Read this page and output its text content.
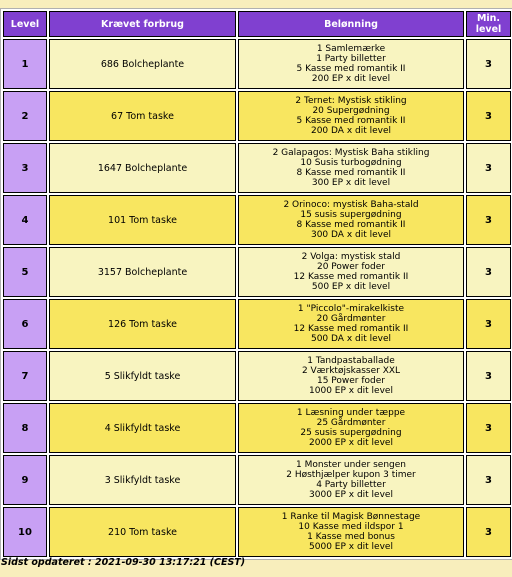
Level	Krævet forbrug	Belønning	Min.
level
1	686 Bolcheplante	1 Samlemærke
1 Party billetter
5 Kasse med romantik II
200 EP x dit level	3
2	67 Tom taske	2 Ternet: Mystisk stikling
20 Supergødning
5 Kasse med romantik II
200 DA x dit level	3
3	1647 Bolcheplante	2 Galapagos: Mystisk Baha stikling
10 Susis turbogødning
8 Kasse med romantik II
300 EP x dit level	3
4	101 Tom taske	2 Orinoco: mystisk Baha-stald
15 susis supergødning
8 Kasse med romantik II
300 DA x dit level	3
5	3157 Bolcheplante	2 Volga: mystisk stald
20 Power foder
12 Kasse med romantik II
500 EP x dit level	3
6	126 Tom taske	1 "Piccolo"-mirakelkiste
20 Gårdmønter
12 Kasse med romantik II
500 DA x dit level	3
7	5 Slikfyldt taske	1 Tandpastaballade
2 Værktøjskasser XXL
15 Power foder
1000 EP x dit level	3
8	4 Slikfyldt taske	1 Læsning under tæppe
25 Gårdmønter
25 susis supergødning
2000 EP x dit level	3
9	3 Slikfyldt taske	1 Monster under sengen
2 Høsthjælper kupon 3 timer
4 Party billetter
3000 EP x dit level	3
10	210 Tom taske	1 Ranke til Magisk Bønnestage
10 Kasse med ildspor 1
1 Kasse med bonus
5000 EP x dit level	3
Sidst opdateret : 2021-09-30 13:17:21 (CEST)
